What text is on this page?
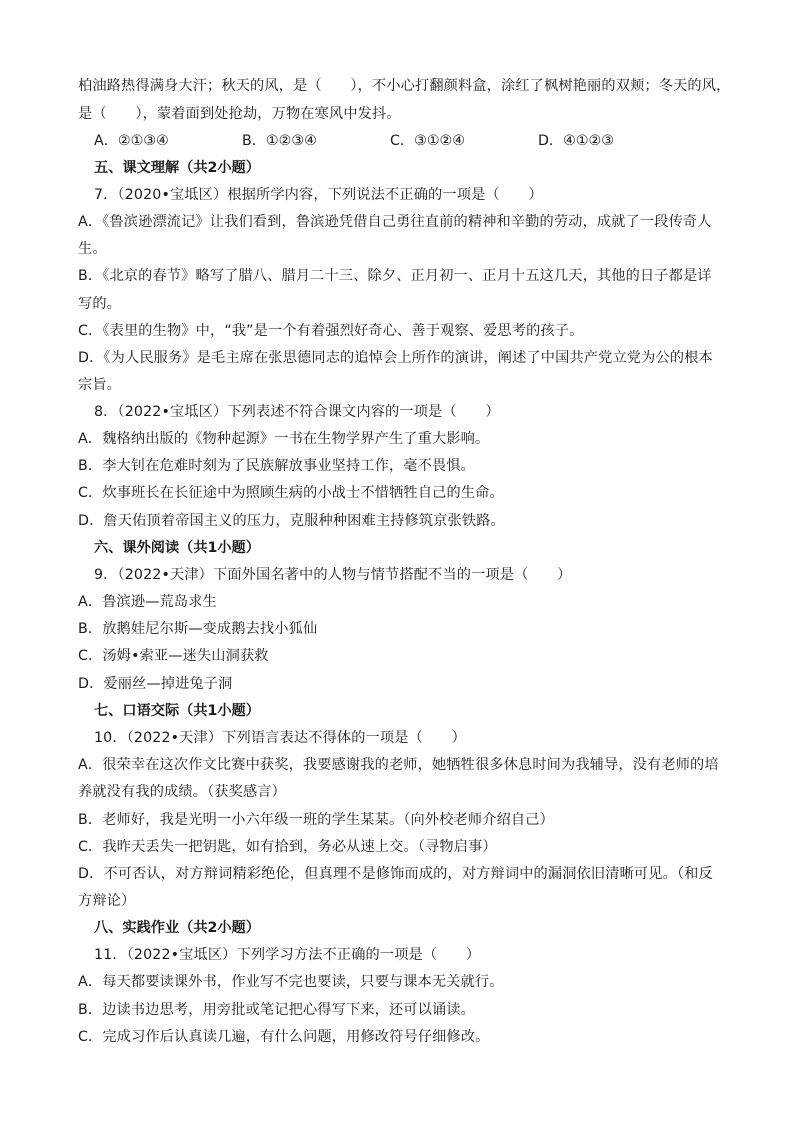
柏油路热得满身大汗；秋天的风，是（　　），不小心打翻颜料盒，涂红了枫树艳丽的双颊；冬天的风，
是（　　），蒙着面到处抢劫，万物在寒风中发抖。
A．②①③④	B．①②③④	C．③①②④	D．④①②③
五、课文理解（共2小题）
7．（2020•宝坻区）根据所学内容，下列说法不正确的一项是（　　）
A．《鲁滨逊漂流记》让我们看到，鲁滨逊凭借自己勇往直前的精神和辛勤的劳动，成就了一段传奇人
生。
B．《北京的春节》略写了腊八、腊月二十三、除夕、正月初一、正月十五这几天，其他的日子都是详
写的。
C．《表里的生物》中，“我”是一个有着强烈好奇心、善于观察、爱思考的孩子。
D．《为人民服务》是毛主席在张思德同志的追悼会上所作的演讲，阐述了中国共产党立党为公的根本
宗旨。
8．（2022•宝坻区）下列表述不符合课文内容的一项是（　　）
A．魏格纳出版的《物种起源》一书在生物学界产生了重大影响。
B．李大钊在危难时刻为了民族解放事业坚持工作，毫不畏惧。
C．炊事班长在长征途中为照顾生病的小战士不惜牺牲自己的生命。
D．詹天佑顶着帝国主义的压力，克服种种困难主持修筑京张铁路。
六、课外阅读（共1小题）
9．（2022•天津）下面外国名著中的人物与情节搭配不当的一项是（　　）
A．鲁滨逊—荒岛求生
B．放鹅娃尼尔斯—变成鹅去找小狐仙
C．汤姆•索亚—迷失山洞获救
D．爱丽丝—掉进兔子洞
七、口语交际（共1小题）
10．（2022•天津）下列语言表达不得体的一项是（　　）
A．很荣幸在这次作文比赛中获奖，我要感谢我的老师，她牺牲很多休息时间为我辅导，没有老师的培
养就没有我的成绩。（获奖感言）
B．老师好，我是光明一小六年级一班的学生某某。（向外校老师介绍自己）
C．我昨天丢失一把钥匙，如有拾到，务必从速上交。（寻物启事）
D．不可否认，对方辩词精彩绝伦，但真理不是修饰而成的，对方辩词中的漏洞依旧清晰可见。（和反
方辩论）
八、实践作业（共2小题）
11．（2022•宝坻区）下列学习方法不正确的一项是（　　）
A．每天都要读课外书，作业写不完也要读，只要与课本无关就行。
B．边读书边思考，用旁批或笔记把心得写下来，还可以诵读。
C．完成习作后认真读几遍，有什么问题，用修改符号仔细修改。
